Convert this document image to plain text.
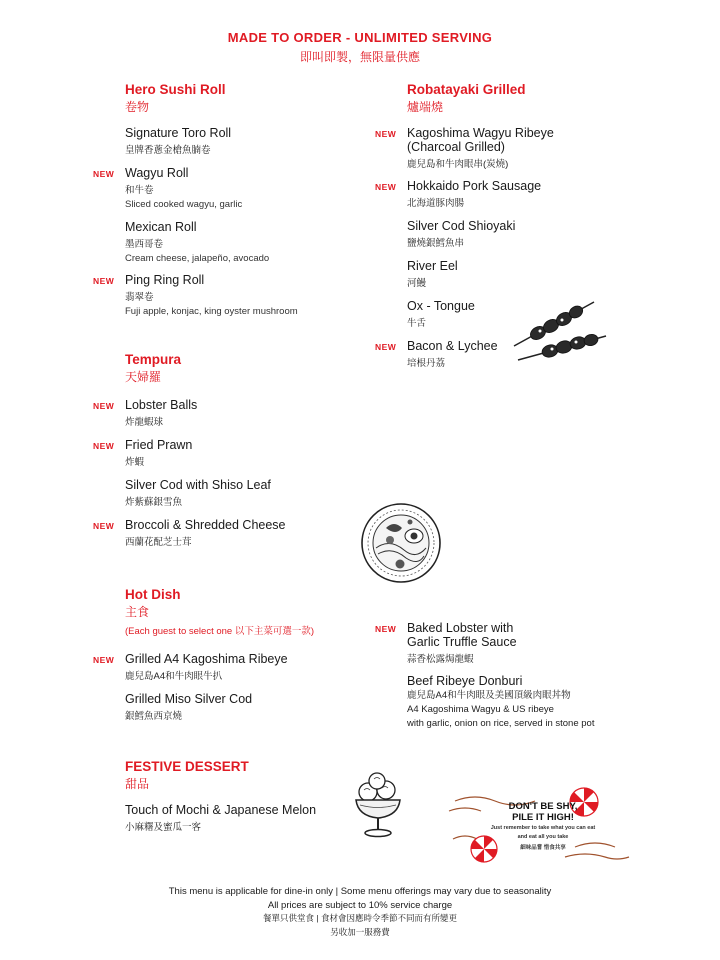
MADE TO ORDER - UNLIMITED SERVING
即叫即製，無限量供應
Hero Sushi Roll
卷物
Signature Toro Roll
皇牌香蔥金槍魚腩卷
NEW Wagyu Roll
和牛卷
Sliced cooked wagyu, garlic
Mexican Roll
墨西哥卷
Cream cheese, jalapeño, avocado
NEW Ping Ring Roll
翡翠卷
Fuji apple, konjac, king oyster mushroom
Tempura
天婦羅
NEW Lobster Balls
炸龍蝦球
NEW Fried Prawn
炸蝦
Silver Cod with Shiso Leaf
炸紫蘇銀雪魚
NEW Broccoli & Shredded Cheese
西蘭花配芝士茸
Robatayaki Grilled
爐端燒
NEW Kagoshima Wagyu Ribeye
(Charcoal Grilled)
鹿兒島和牛肉眼串(炭燒)
NEW Hokkaido Pork Sausage
北海道豚肉腸
Silver Cod Shioyaki
鹽燒銀鱈魚串
River Eel
河鰻
Ox - Tongue
牛舌
NEW Bacon & Lychee
培根丹荔
Hot Dish
主食
(Each guest to select one 以下主菜可選一款)
NEW Grilled A4 Kagoshima Ribeye
鹿兒島A4和牛肉眼牛扒
Grilled Miso Silver Cod
銀鱈魚西京燒
NEW Baked Lobster with
Garlic Truffle Sauce
蒜香松露焗龍蝦
Beef Ribeye Donburi
鹿兒島A4和牛肉眼及美國頂級肉眼丼物
A4 Kagoshima Wagyu & US ribeye
with garlic, onion on rice, served in stone pot
FESTIVE DESSERT
甜品
Touch of Mochi & Japanese Melon
小麻糬及蜜瓜一客
DON'T BE SHY,
PILE IT HIGH!
Just remember to take what you can eat
and eat all you take
細味品嘗 惜食共享
This menu is applicable for dine-in only | Some menu offerings may vary due to seasonality
All prices are subject to 10% service charge
餐單只供堂食 | 食材會因應時令季節不同而有所變更
另收加一服務費
